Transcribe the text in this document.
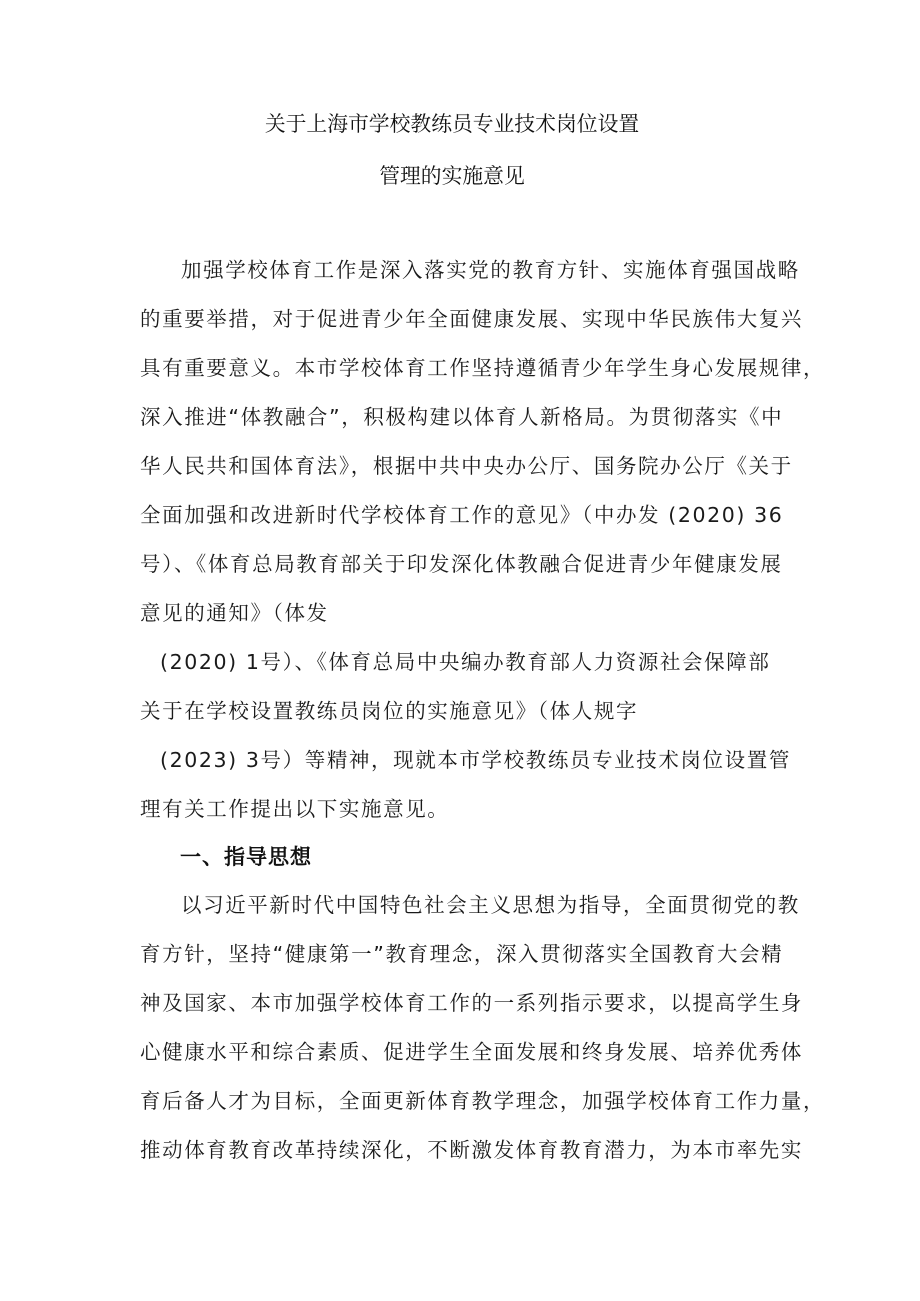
关于上海市学校教练员专业技术岗位设置
管理的实施意见
加强学校体育工作是深入落实党的教育方针、实施体育强国战略
的重要举措，对于促进青少年全面健康发展、实现中华民族伟大复兴
具有重要意义。本市学校体育工作坚持遵循青少年学生身心发展规律，
深入推进“体教融合”，积极构建以体育人新格局。为贯彻落实《中
华人民共和国体育法》，根据中共中央办公厅、国务院办公厅《关于
全面加强和改进新时代学校体育工作的意见》（中办发 (2020) 36
号）、《体育总局教育部关于印发深化体教融合促进青少年健康发展
意见的通知》（体发
(2020) 1号）、《体育总局中央编办教育部人力资源社会保障部
关于在学校设置教练员岗位的实施意见》（体人规字
(2023) 3号）等精神，现就本市学校教练员专业技术岗位设置管
理有关工作提出以下实施意见。
一、指导思想
以习近平新时代中国特色社会主义思想为指导，全面贯彻党的教
育方针，坚持“健康第一”教育理念，深入贯彻落实全国教育大会精
神及国家、本市加强学校体育工作的一系列指示要求，以提高学生身
心健康水平和综合素质、促进学生全面发展和终身发展、培养优秀体
育后备人才为目标，全面更新体育教学理念，加强学校体育工作力量，
推动体育教育改革持续深化，不断激发体育教育潜力，为本市率先实
